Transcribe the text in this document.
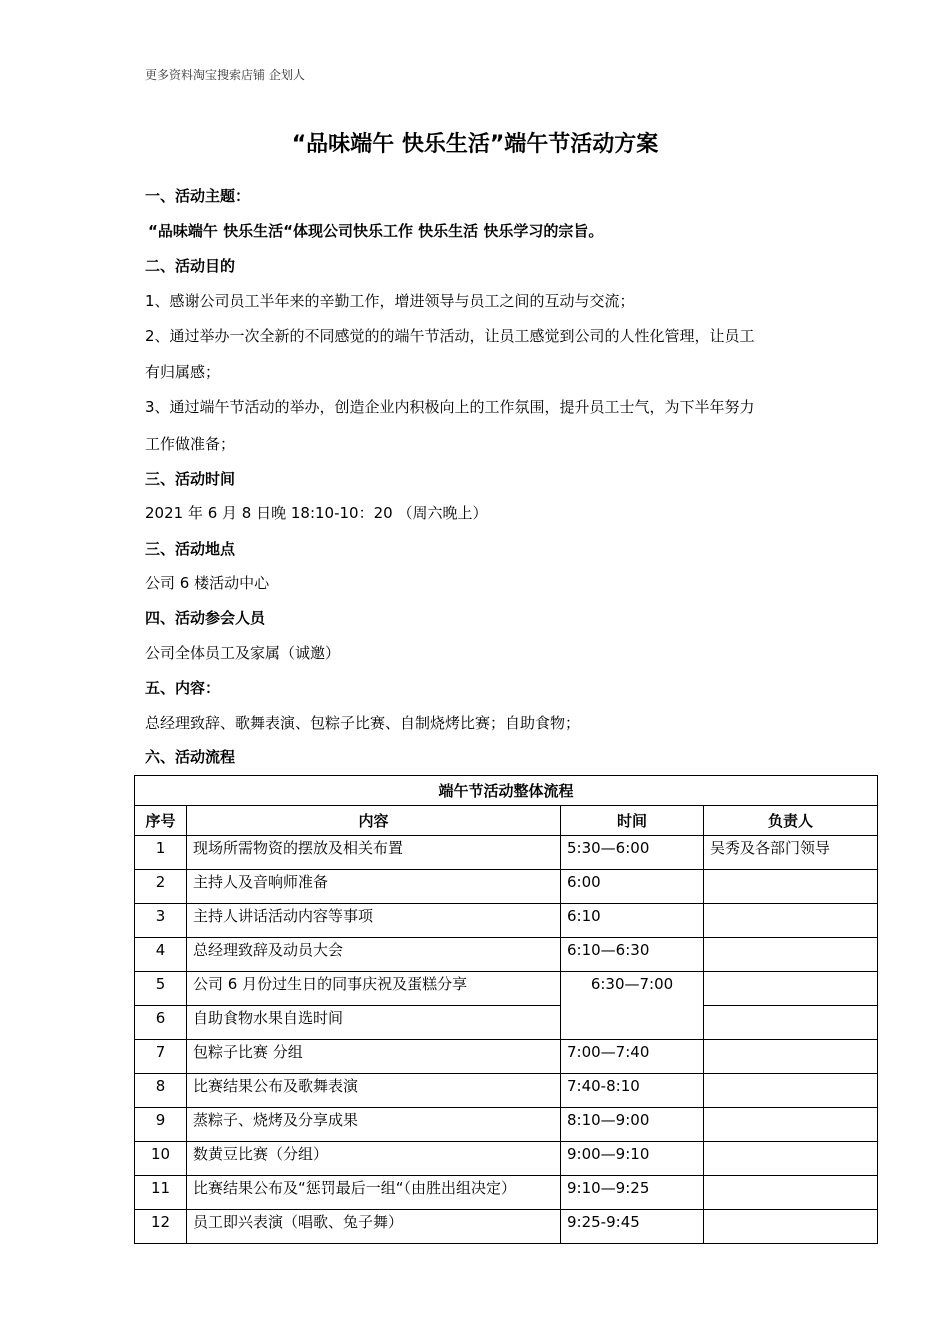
更多资料淘宝搜索店铺 企划人
“品味端午 快乐生活”端午节活动方案
一、活动主题：
“品味端午 快乐生活“体现公司快乐工作 快乐生活 快乐学习的宗旨。
二、活动目的
1、感谢公司员工半年来的辛勤工作，增进领导与员工之间的互动与交流；
2、通过举办一次全新的不同感觉的的端午节活动，让员工感觉到公司的人性化管理，让员工
有归属感；
3、通过端午节活动的举办，创造企业内积极向上的工作氛围，提升员工士气，为下半年努力
工作做准备；
三、活动时间
2021 年 6 月 8 日晚 18:10-10：20 （周六晚上）
三、活动地点
公司 6 楼活动中心
四、活动参会人员
公司全体员工及家属（诚邀）
五、内容：
总经理致辞、歌舞表演、包粽子比赛、自制烧烤比赛；自助食物；
六、活动流程
端午节活动整体流程			
序号	内容	时间	负责人
1	现场所需物资的摆放及相关布置	5:30—6:00	吴秀及各部门领导
2	主持人及音响师准备	6:00	
3	主持人讲话活动内容等事项	6:10	
4	总经理致辞及动员大会	6:10—6:30	
5	公司 6 月份过生日的同事庆祝及蛋糕分享	6:30—7:00	
6	自助食物水果自选时间		
7	包粽子比赛 分组	7:00—7:40	
8	比赛结果公布及歌舞表演	7:40-8:10	
9	蒸粽子、烧烤及分享成果	8:10—9:00	
10	数黄豆比赛（分组）	9:00—9:10	
11	比赛结果公布及“惩罚最后一组“（由胜出组决定）	9:10—9:25	
12	员工即兴表演（唱歌、兔子舞）	9:25-9:45	
